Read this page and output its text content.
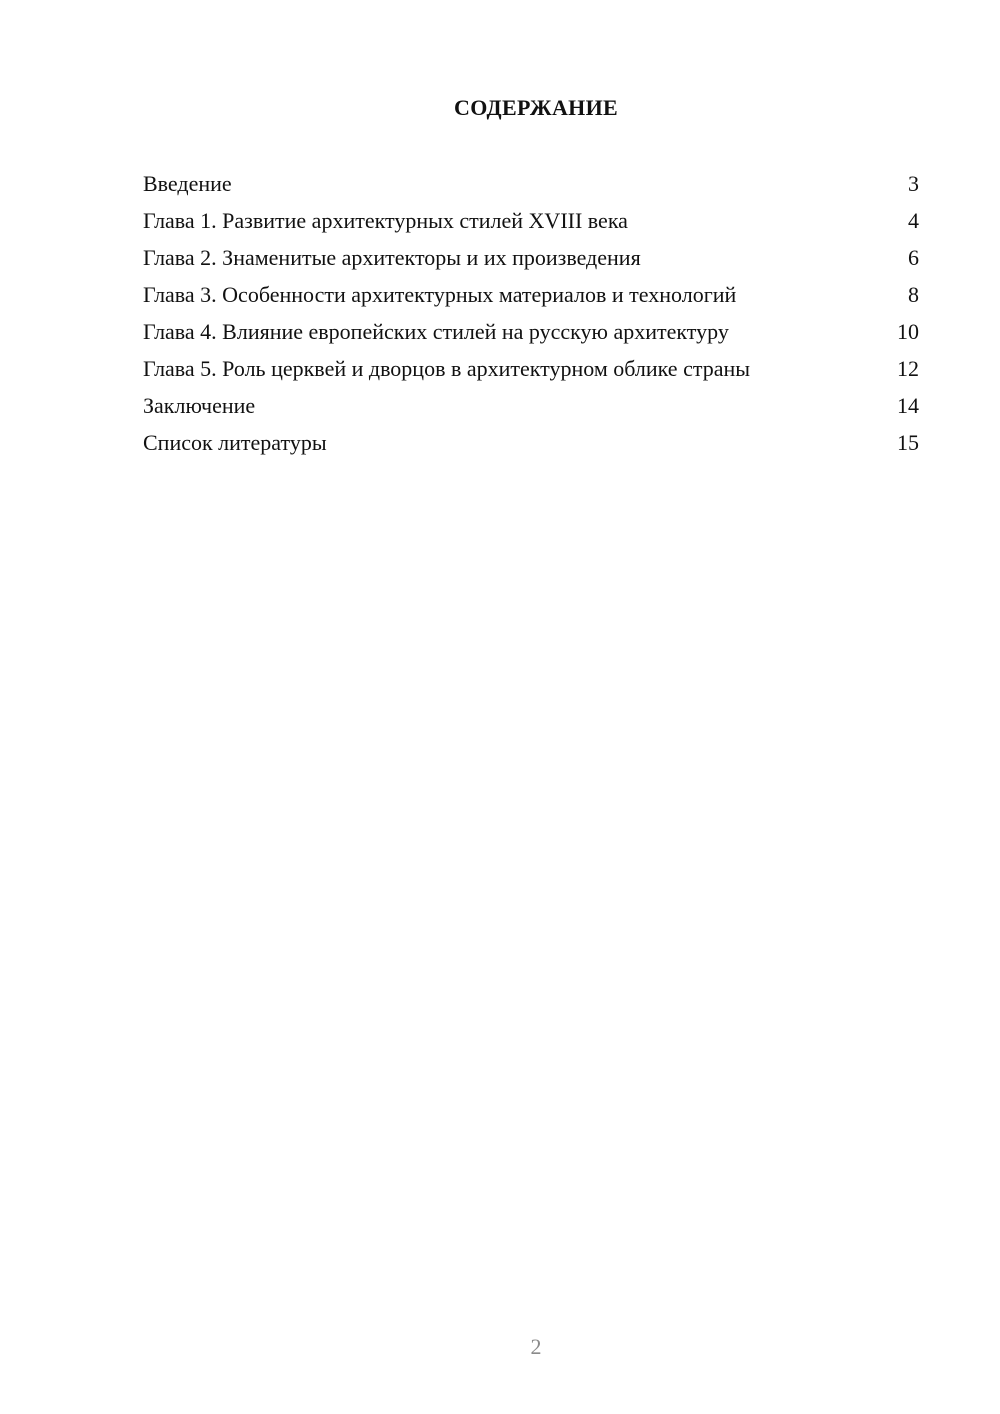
СОДЕРЖАНИЕ
Введение	3
Глава 1. Развитие архитектурных стилей XVIII века	4
Глава 2. Знаменитые архитекторы и их произведения	6
Глава 3. Особенности архитектурных материалов и технологий	8
Глава 4. Влияние европейских стилей на русскую архитектуру	10
Глава 5. Роль церквей и дворцов в архитектурном облике страны	12
Заключение	14
Список литературы	15
2
